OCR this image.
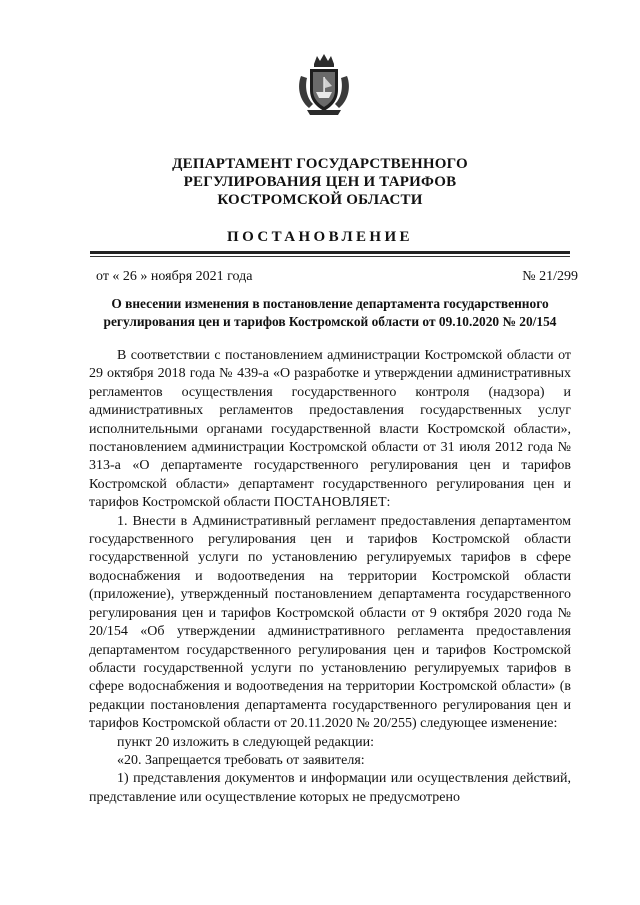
ДЕПАРТАМЕНТ ГОСУДАРСТВЕННОГО
РЕГУЛИРОВАНИЯ ЦЕН И ТАРИФОВ
КОСТРОМСКОЙ ОБЛАСТИ
ПОСТАНОВЛЕНИЕ
от « 26 » ноября 2021 года	№ 21/299
О внесении изменения в постановление департамента государственного
регулирования цен и тарифов Костромской области от 09.10.2020 № 20/154

В соответствии с постановлением администрации Костромской области от 29 октября 2018 года № 439-а «О разработке и утверждении административных регламентов осуществления государственного контроля (надзора) и административных регламентов предоставления государственных услуг исполнительными органами государственной власти Костромской области», постановлением администрации Костромской области от 31 июля 2012 года № 313-а «О департаменте государственного регулирования цен и тарифов Костромской области» департамент государственного регулирования цен и тарифов Костромской области ПОСТАНОВЛЯЕТ:

1. Внести в Административный регламент предоставления департаментом государственного регулирования цен и тарифов Костромской области государственной услуги по установлению регулируемых тарифов в сфере водоснабжения и водоотведения на территории Костромской области (приложение), утвержденный постановлением департамента государственного регулирования цен и тарифов Костромской области от 9 октября 2020 года № 20/154 «Об утверждении административного регламента предоставления департаментом государственного регулирования цен и тарифов Костромской области государственной услуги по установлению регулируемых тарифов в сфере водоснабжения и водоотведения на территории Костромской области» (в редакции постановления департамента государственного регулирования цен и тарифов Костромской области от 20.11.2020 № 20/255) следующее изменение:

пункт 20 изложить в следующей редакции:

«20. Запрещается требовать от заявителя:

1) представления документов и информации или осуществления действий, представление или осуществление которых не предусмотрено
